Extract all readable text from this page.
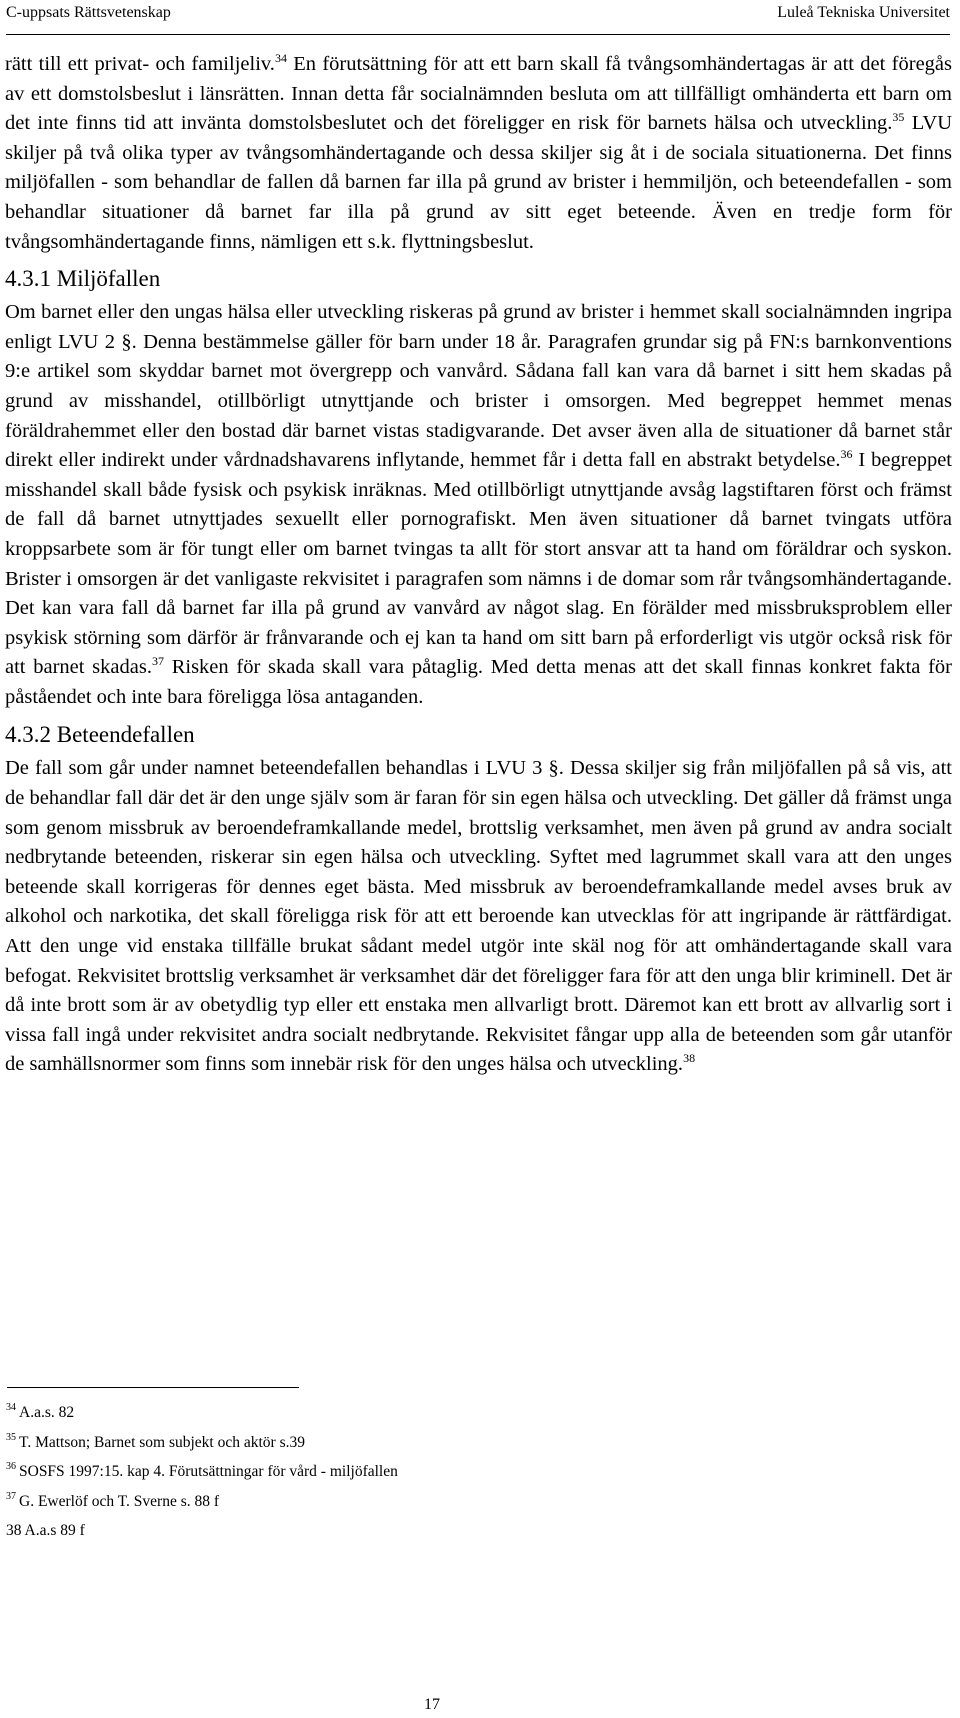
C-uppsats Rättsvetenskap	Luleå Tekniska Universitet

rätt till ett privat- och familjeliv.$^{34}$ En förutsättning för att ett barn skall få tvångsomhändertagas är att det föregås av ett domstolsbeslut i länsrätten. Innan detta får socialnämnden besluta om att tillfälligt omhänderta ett barn om det inte finns tid att invänta domstolsbeslutet och det föreligger en risk för barnets hälsa och utveckling.$^{35}$ LVU skiljer på två olika typer av tvångsomhändertagande och dessa skiljer sig åt i de sociala situationerna. Det finns miljöfallen - som behandlar de fallen då barnen far illa på grund av brister i hemmiljön, och beteendefallen - som behandlar situationer då barnet far illa på grund av sitt eget beteende. Även en tredje form för tvångsomhändertagande finns, nämligen ett s.k. flyttningsbeslut.

4.3.1 Miljöfallen

Om barnet eller den ungas hälsa eller utveckling riskeras på grund av brister i hemmet skall socialnämnden ingripa enligt LVU 2 §. Denna bestämmelse gäller för barn under 18 år. Paragrafen grundar sig på FN:s barnkonventions 9:e artikel som skyddar barnet mot övergrepp och vanvård. Sådana fall kan vara då barnet i sitt hem skadas på grund av misshandel, otillbörligt utnyttjande och brister i omsorgen. Med begreppet hemmet menas föräldrahemmet eller den bostad där barnet vistas stadigvarande. Det avser även alla de situationer då barnet står direkt eller indirekt under vårdnadshavarens inflytande, hemmet får i detta fall en abstrakt betydelse.$^{36}$ I begreppet misshandel skall både fysisk och psykisk inräknas. Med otillbörligt utnyttjande avsåg lagstiftaren först och främst de fall då barnet utnyttjades sexuellt eller pornografiskt. Men även situationer då barnet tvingats utföra kroppsarbete som är för tungt eller om barnet tvingas ta allt för stort ansvar att ta hand om föräldrar och syskon. Brister i omsorgen är det vanligaste rekvisitet i paragrafen som nämns i de domar som rår tvångsomhändertagande. Det kan vara fall då barnet far illa på grund av vanvård av något slag. En förälder med missbruksproblem eller psykisk störning som därför är frånvarande och ej kan ta hand om sitt barn på erforderligt vis utgör också risk för att barnet skadas.$^{37}$ Risken för skada skall vara påtaglig. Med detta menas att det skall finnas konkret fakta för påståendet och inte bara föreligga lösa antaganden.

4.3.2 Beteendefallen

De fall som går under namnet beteendefallen behandlas i LVU 3 §. Dessa skiljer sig från miljöfallen på så vis, att de behandlar fall där det är den unge själv som är faran för sin egen hälsa och utveckling. Det gäller då främst unga som genom missbruk av beroendeframkallande medel, brottslig verksamhet, men även på grund av andra socialt nedbrytande beteenden, riskerar sin egen hälsa och utveckling. Syftet med lagrummet skall vara att den unges beteende skall korrigeras för dennes eget bästa. Med missbruk av beroendeframkallande medel avses bruk av alkohol och narkotika, det skall föreligga risk för att ett beroende kan utvecklas för att ingripande är rättfärdigat. Att den unge vid enstaka tillfälle brukat sådant medel utgör inte skäl nog för att omhändertagande skall vara befogat. Rekvisitet brottslig verksamhet är verksamhet där det föreligger fara för att den unga blir kriminell. Det är då inte brott som är av obetydlig typ eller ett enstaka men allvarligt brott. Däremot kan ett brott av allvarlig sort i vissa fall ingå under rekvisitet andra socialt nedbrytande. Rekvisitet fångar upp alla de beteenden som går utanför de samhällsnormer som finns som innebär risk för den unges hälsa och utveckling.$^{38}$

$^{34}$ A.a.s. 82
$^{35}$ T. Mattson; Barnet som subjekt och aktör s.39
$^{36}$ SOSFS 1997:15. kap 4. Förutsättningar för vård - miljöfallen
$^{37}$ G. Ewerlöf och T. Sverne s. 88 f
38 A.a.s 89 f
17
